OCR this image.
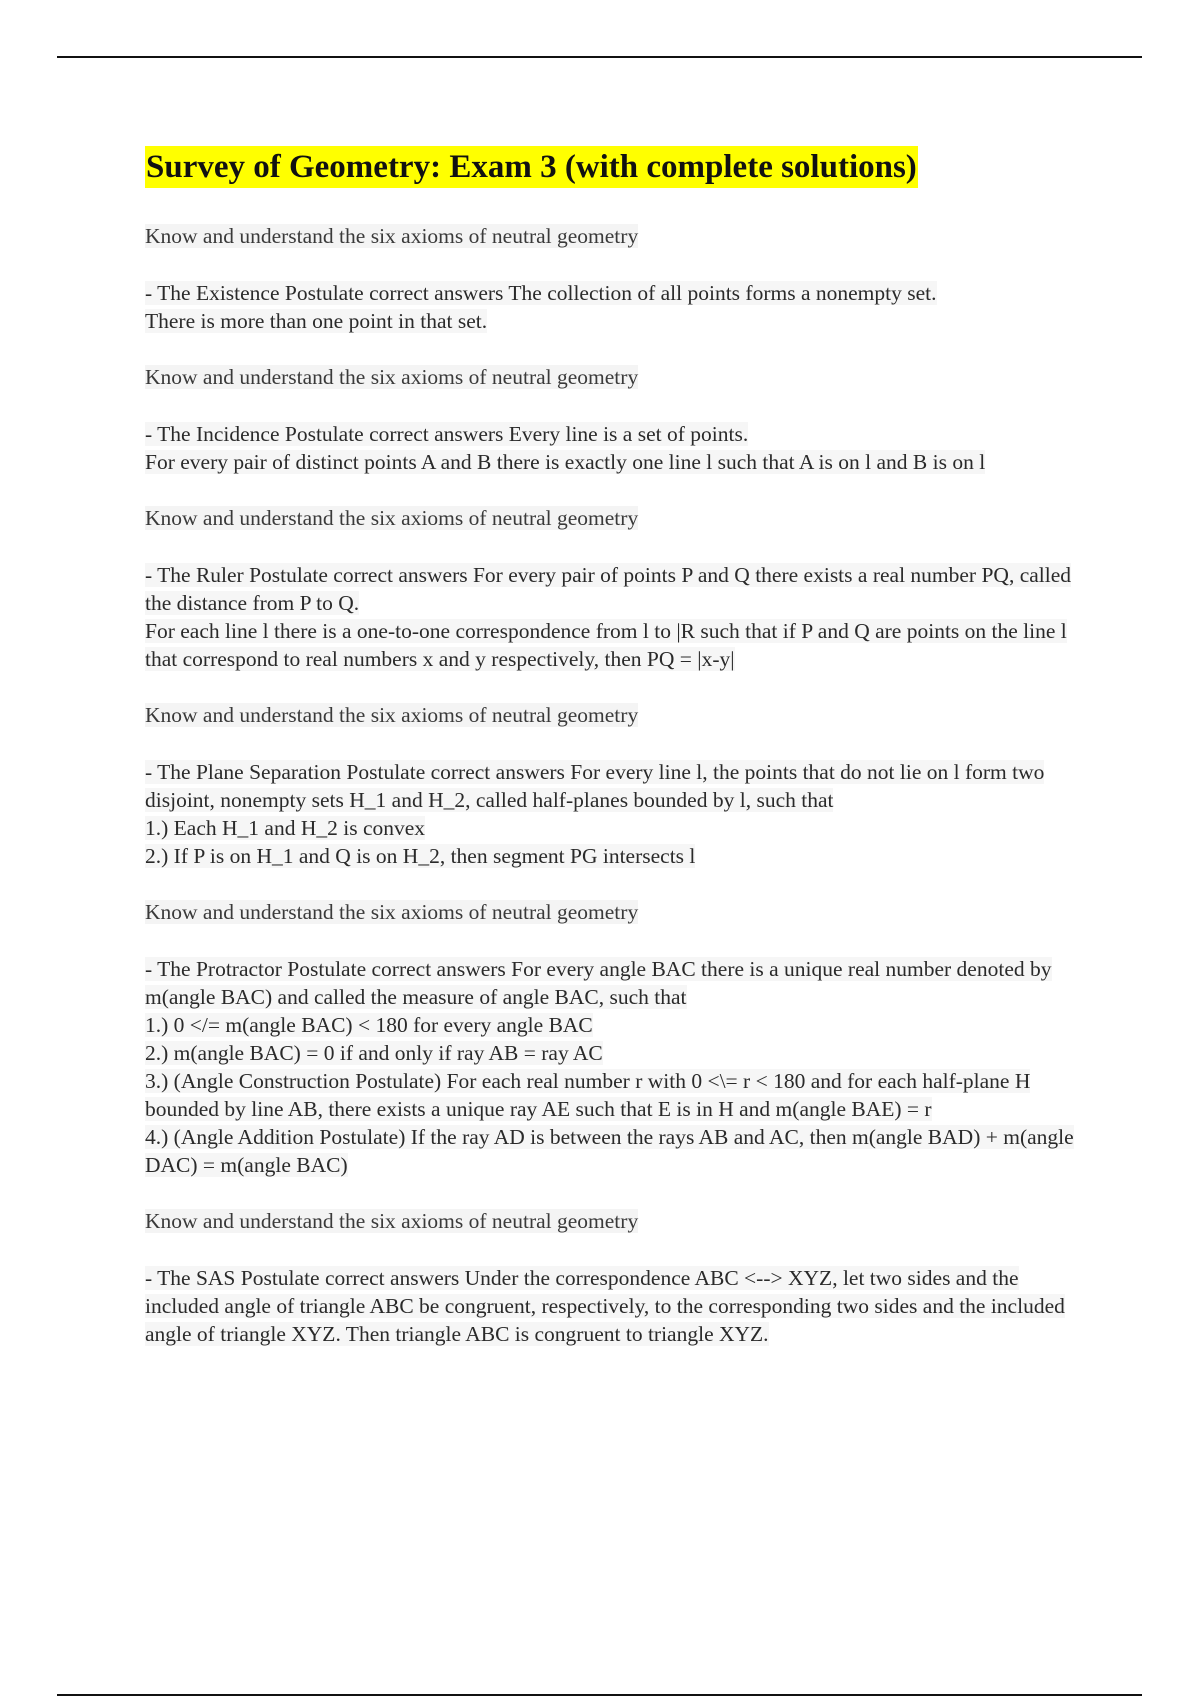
Survey of Geometry: Exam 3 (with complete solutions)

Know and understand the six axioms of neutral geometry

- The Existence Postulate correct answers The collection of all points forms a nonempty set.
There is more than one point in that set.

Know and understand the six axioms of neutral geometry

- The Incidence Postulate correct answers Every line is a set of points.
For every pair of distinct points A and B there is exactly one line l such that A is on l and B is on l

Know and understand the six axioms of neutral geometry

- The Ruler Postulate correct answers For every pair of points P and Q there exists a real number PQ, called the distance from P to Q.
For each line l there is a one-to-one correspondence from l to |R such that if P and Q are points on the line l that correspond to real numbers x and y respectively, then PQ = |x-y|

Know and understand the six axioms of neutral geometry

- The Plane Separation Postulate correct answers For every line l, the points that do not lie on l form two disjoint, nonempty sets H_1 and H_2, called half-planes bounded by l, such that
1.) Each H_1 and H_2 is convex
2.) If P is on H_1 and Q is on H_2, then segment PG intersects l

Know and understand the six axioms of neutral geometry

- The Protractor Postulate correct answers For every angle BAC there is a unique real number denoted by m(angle BAC) and called the measure of angle BAC, such that
1.) 0 </= m(angle BAC) < 180 for every angle BAC
2.) m(angle BAC) = 0 if and only if ray AB = ray AC
3.) (Angle Construction Postulate) For each real number r with 0 <\= r < 180 and for each half-plane H bounded by line AB, there exists a unique ray AE such that E is in H and m(angle BAE) = r
4.) (Angle Addition Postulate) If the ray AD is between the rays AB and AC, then m(angle BAD) + m(angle DAC) = m(angle BAC)

Know and understand the six axioms of neutral geometry

- The SAS Postulate correct answers Under the correspondence ABC <--> XYZ, let two sides and the included angle of triangle ABC be congruent, respectively, to the corresponding two sides and the included angle of triangle XYZ. Then triangle ABC is congruent to triangle XYZ.
